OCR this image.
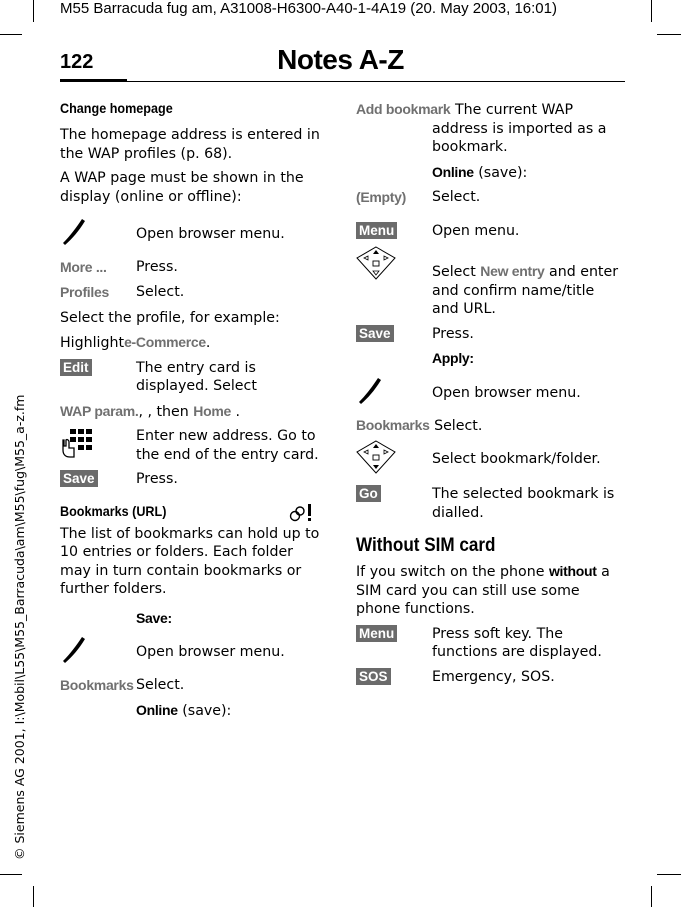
M55 Barracuda fug am, A31008-H6300-A40-1-4A19 (20. May 2003, 16:01)
© Siemens AG 2001, I:\Mobil\L55\M55_Barracuda\am\M55\fug\M55_a-z.fm
122	Notes A-Z
Change homepage

The homepage address is entered in the WAP profiles (p. 68).

A WAP page must be shown in the display (online or offline):

Open browser menu.
More ...	Press.
Profiles	Select.

Select the profile, for example:

Highlighte-Commerce.

Edit	The entry card is displayed. Select

WAP param., , then Home .

Enter new address. Go to the end of the entry card.
Save	Press.
Bookmarks (URL)

The list of bookmarks can hold up to 10 entries or folders. Each folder may in turn contain bookmarks or further folders.

Save:
Open browser menu.
Bookmarks Select.
Online (save):
Add bookmark The current WAP address is imported as a bookmark.
Online (save):
(Empty)	Select.
Menu	Open menu.
Select New entry and enter and confirm name/title and URL.
Save	Press.
Apply:
Open browser menu.

Bookmarks Select.

Select bookmark/folder.
Go	The selected bookmark is dialled.
Without SIM card

If you switch on the phone without a SIM card you can still use some phone functions.

Menu	Press soft key. The functions are displayed.
SOS	Emergency, SOS.
